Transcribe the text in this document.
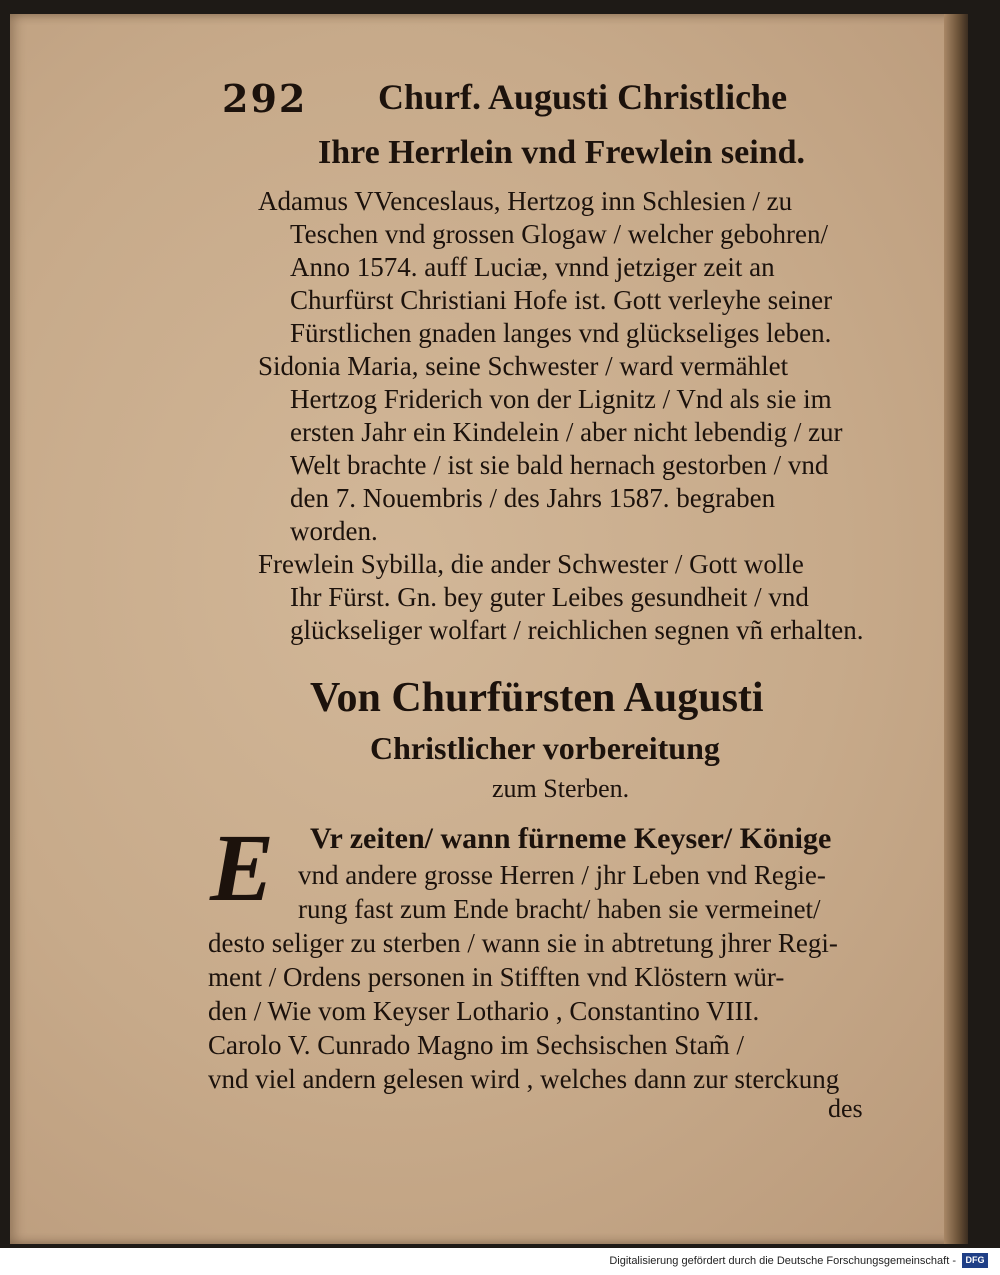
292 Churf. Augusti Christliche
Ihre Herrlein vnd Frewlein seind.
Adamus VVenceslaus, Hertzog inn Schlesien / zu
Teschen vnd grossen Glogaw / welcher gebohren/
Anno 1574. auff Luciæ, vnnd jetziger zeit an
Churfürst Christiani Hofe ist. Gott verleyhe seiner
Fürstlichen gnaden langes vnd glückseliges leben.
Sidonia Maria, seine Schwester / ward vermählet
Hertzog Friderich von der Lignitz / Vnd als sie im
ersten Jahr ein Kindelein / aber nicht lebendig / zur
Welt brachte / ist sie bald hernach gestorben / vnd
den 7. Nouembris / des Jahrs 1587. begraben
worden.
Frewlein Sybilla, die ander Schwester / Gott wolle
Ihr Fürst. Gn. bey guter Leibes gesundheit / vnd
glückseliger wolfart / reichlichen segnen vñ erhalten.
Von Churfürsten Augusti
Christlicher vorbereitung
zum Sterben.
E Vr zeiten/ wann fürneme Keyser/ Könige
vnd andere grosse Herren / jhr Leben vnd Regie-
rung fast zum Ende bracht/ haben sie vermeinet/
desto seliger zu sterben / wann sie in abtretung jhrer Regi-
ment / Ordens personen in Stifften vnd Klöstern wür-
den / Wie vom Keyser Lothario , Constantino VIII.
Carolo V. Cunrado Magno im Sechsischen Stam̃ /
vnd viel andern gelesen wird , welches dann zur sterckung
des
Digitalisierung gefördert durch die Deutsche Forschungsgemeinschaft -	DFG
